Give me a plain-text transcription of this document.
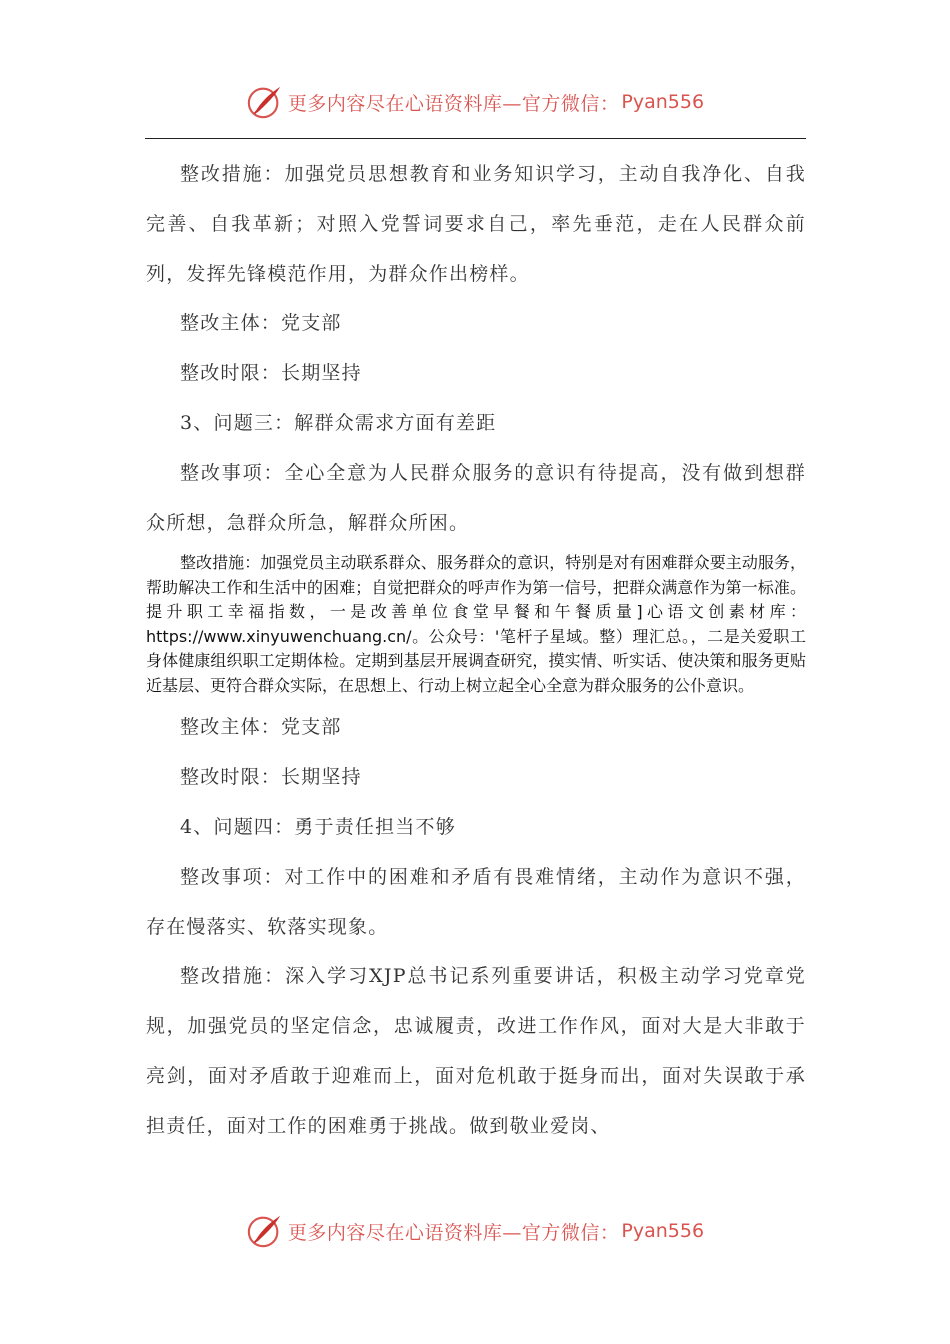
更多内容尽在心语资料库—官方微信： Pyan556

整改措施：加强党员思想教育和业务知识学习，主动自我净化、自我完善、自我革新；对照入党誓词要求自己，率先垂范，走在人民群众前列，发挥先锋模范作用，为群众作出榜样。

整改主体：党支部

整改时限：长期坚持

3、问题三：解群众需求方面有差距

整改事项：全心全意为人民群众服务的意识有待提高，没有做到想群众所想，急群众所急，解群众所困。

整改措施：加强党员主动联系群众、服务群众的意识，特别是对有困难群众要主动服务，帮助解决工作和生活中的困难；自觉把群众的呼声作为第一信号，把群众满意作为第一标准。提升职工幸福指数，一是改善单位食堂早餐和午餐质量]心语文创素材库：https://www.xinyuwenchuang.cn/。公众号：'笔杆子星域。整）理汇总。，二是关爱职工身体健康组织职工定期体检。定期到基层开展调查研究，摸实情、听实话、使决策和服务更贴近基层、更符合群众实际，在思想上、行动上树立起全心全意为群众服务的公仆意识。

整改主体：党支部

整改时限：长期坚持

4、问题四：勇于责任担当不够

整改事项：对工作中的困难和矛盾有畏难情绪，主动作为意识不强，存在慢落实、软落实现象。

整改措施：深入学习XJP总书记系列重要讲话，积极主动学习党章党规，加强党员的坚定信念，忠诚履责，改进工作作风，面对大是大非敢于亮剑，面对矛盾敢于迎难而上，面对危机敢于挺身而出，面对失误敢于承担责任，面对工作的困难勇于挑战。做到敬业爱岗、

更多内容尽在心语资料库—官方微信： Pyan556
